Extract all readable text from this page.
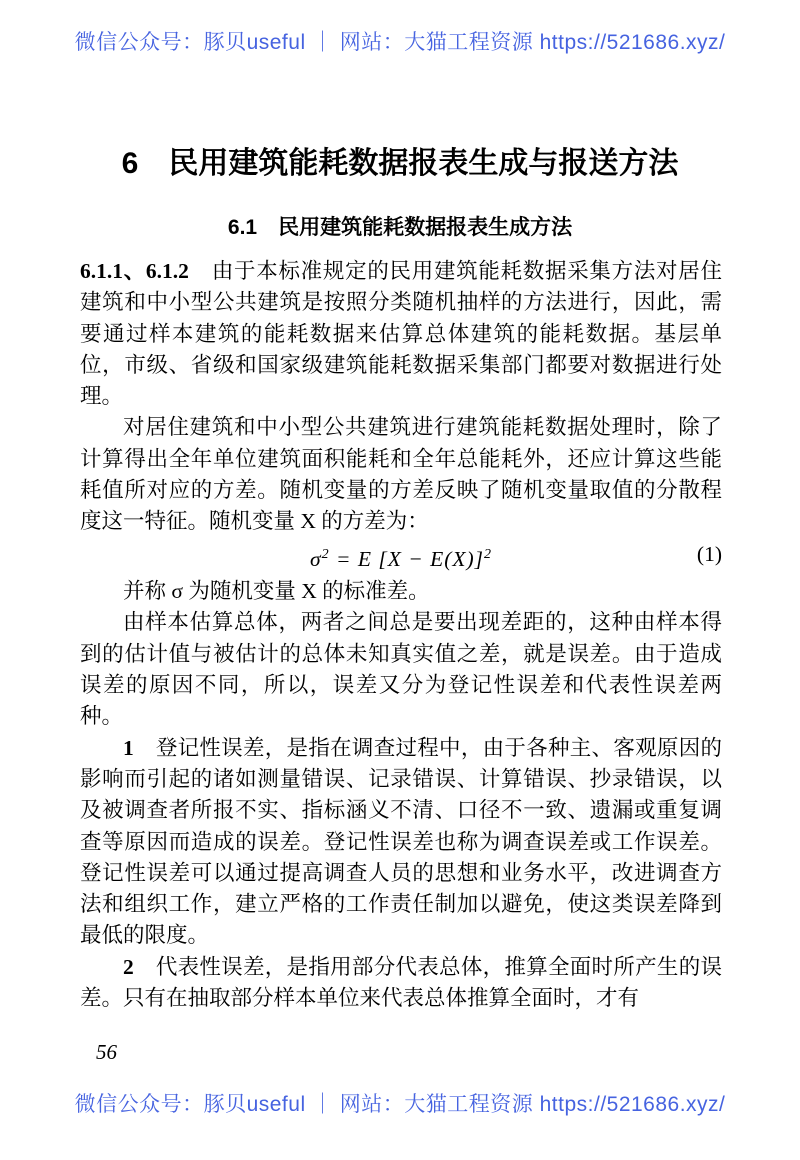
微信公众号：豚贝useful ｜ 网站：大猫工程资源 https://521686.xyz/
6　民用建筑能耗数据报表生成与报送方法
6.1　民用建筑能耗数据报表生成方法

6.1.1、6.1.2　由于本标准规定的民用建筑能耗数据采集方法对居住建筑和中小型公共建筑是按照分类随机抽样的方法进行，因此，需要通过样本建筑的能耗数据来估算总体建筑的能耗数据。基层单位，市级、省级和国家级建筑能耗数据采集部门都要对数据进行处理。

对居住建筑和中小型公共建筑进行建筑能耗数据处理时，除了计算得出全年单位建筑面积能耗和全年总能耗外，还应计算这些能耗值所对应的方差。随机变量的方差反映了随机变量取值的分散程度这一特征。随机变量 X 的方差为：

$\sigma^2 = E$ $[X - E(X)]^2$	(1)

并称 σ 为随机变量 X 的标准差。

由样本估算总体，两者之间总是要出现差距的，这种由样本得到的估计值与被估计的总体未知真实值之差，就是误差。由于造成误差的原因不同，所以，误差又分为登记性误差和代表性误差两种。

1　登记性误差，是指在调查过程中，由于各种主、客观原因的影响而引起的诸如测量错误、记录错误、计算错误、抄录错误，以及被调查者所报不实、指标涵义不清、口径不一致、遗漏或重复调查等原因而造成的误差。登记性误差也称为调查误差或工作误差。登记性误差可以通过提高调查人员的思想和业务水平，改进调查方法和组织工作，建立严格的工作责任制加以避免，使这类误差降到最低的限度。

2　代表性误差，是指用部分代表总体，推算全面时所产生的误差。只有在抽取部分样本单位来代表总体推算全面时，才有

56
微信公众号：豚贝useful ｜ 网站：大猫工程资源 https://521686.xyz/
